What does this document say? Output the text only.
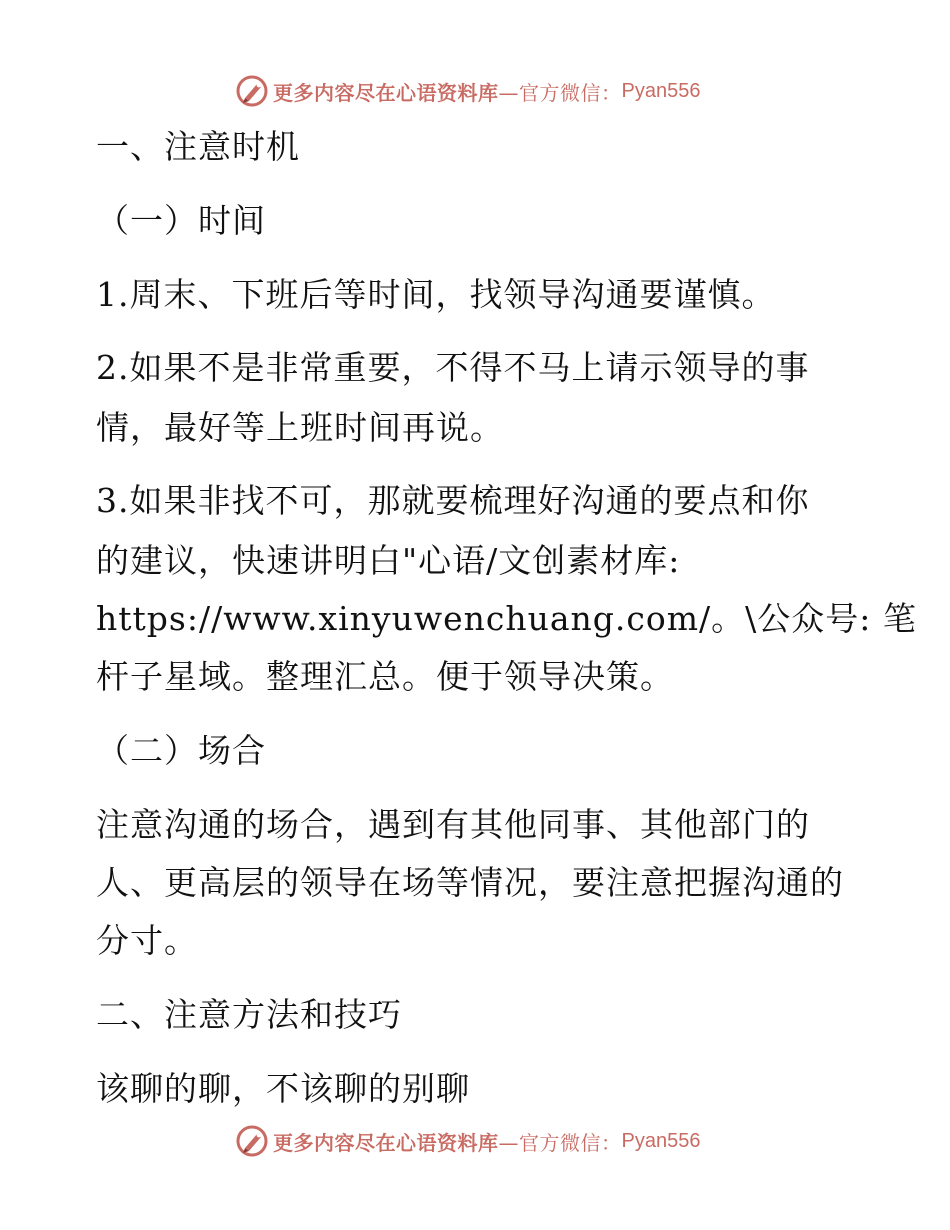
更多内容尽在心语资料库 —官方微信： Pyan556
一、注意时机
（一）时间
1.周末、下班后等时间，找领导沟通要谨慎。
2.如果不是非常重要，不得不马上请示领导的事
情，最好等上班时间再说。
3.如果非找不可，那就要梳理好沟通的要点和你
的建议，快速讲明白"心语/文创素材库:
https://www.xinyuwenchuang.com/。\公众号: 笔
杆子星域。整理汇总。便于领导决策。
（二）场合
注意沟通的场合，遇到有其他同事、其他部门的
人、更高层的领导在场等情况，要注意把握沟通的
分寸。
二、注意方法和技巧
该聊的聊，不该聊的别聊
更多内容尽在心语资料库 —官方微信： Pyan556
